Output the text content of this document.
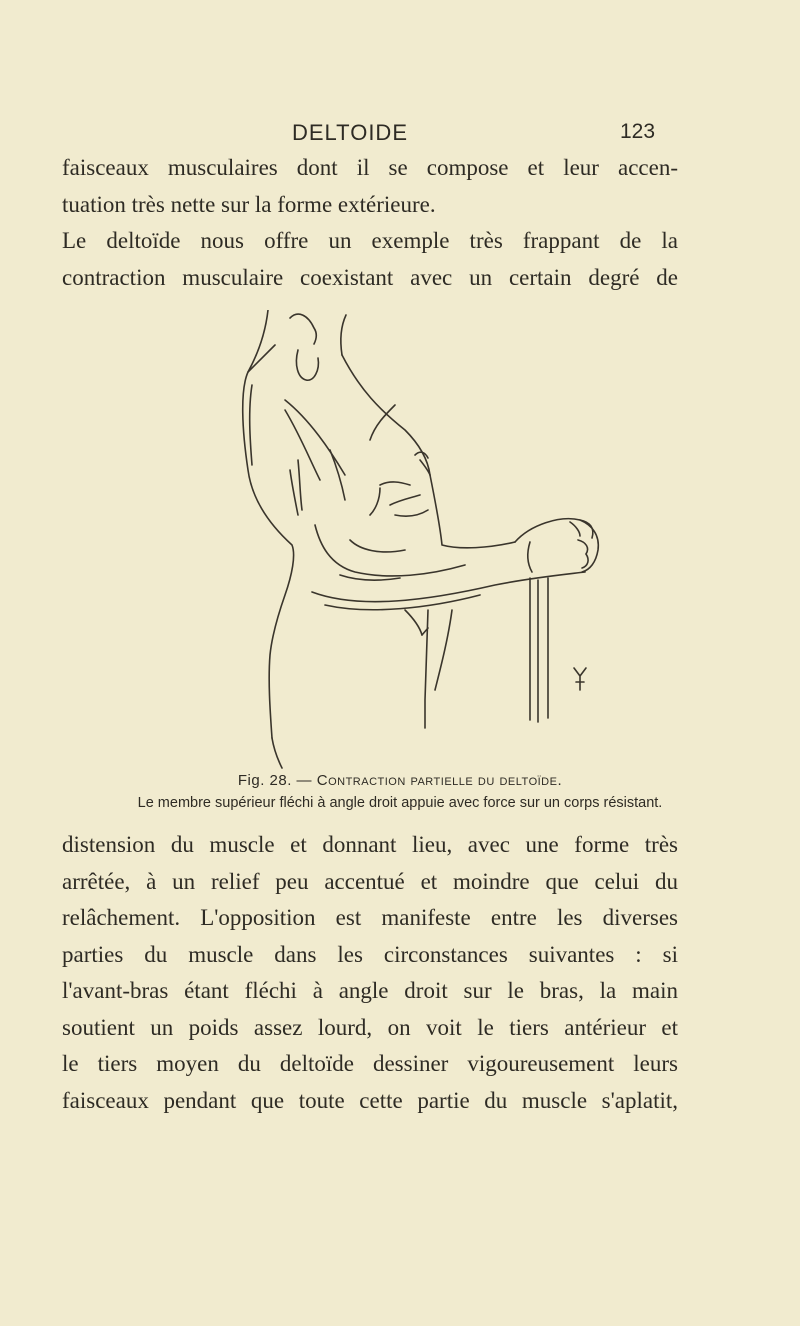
DELTOIDE	123
faisceaux musculaires dont il se compose et leur accen-
tuation très nette sur la forme extérieure.
Le deltoïde nous offre un exemple très frappant de la
contraction musculaire coexistant avec un certain degré de
Fig. 28. — Contraction partielle du deltoïde.
Le membre supérieur fléchi à angle droit appuie avec force sur un corps résistant.
distension du muscle et donnant lieu, avec une forme très
arrêtée, à un relief peu accentué et moindre que celui du
relâchement. L'opposition est manifeste entre les diverses
parties du muscle dans les circonstances suivantes : si
l'avant-bras étant fléchi à angle droit sur le bras, la main
soutient un poids assez lourd, on voit le tiers antérieur et
le tiers moyen du deltoïde dessiner vigoureusement leurs
faisceaux pendant que toute cette partie du muscle s'aplatit,
